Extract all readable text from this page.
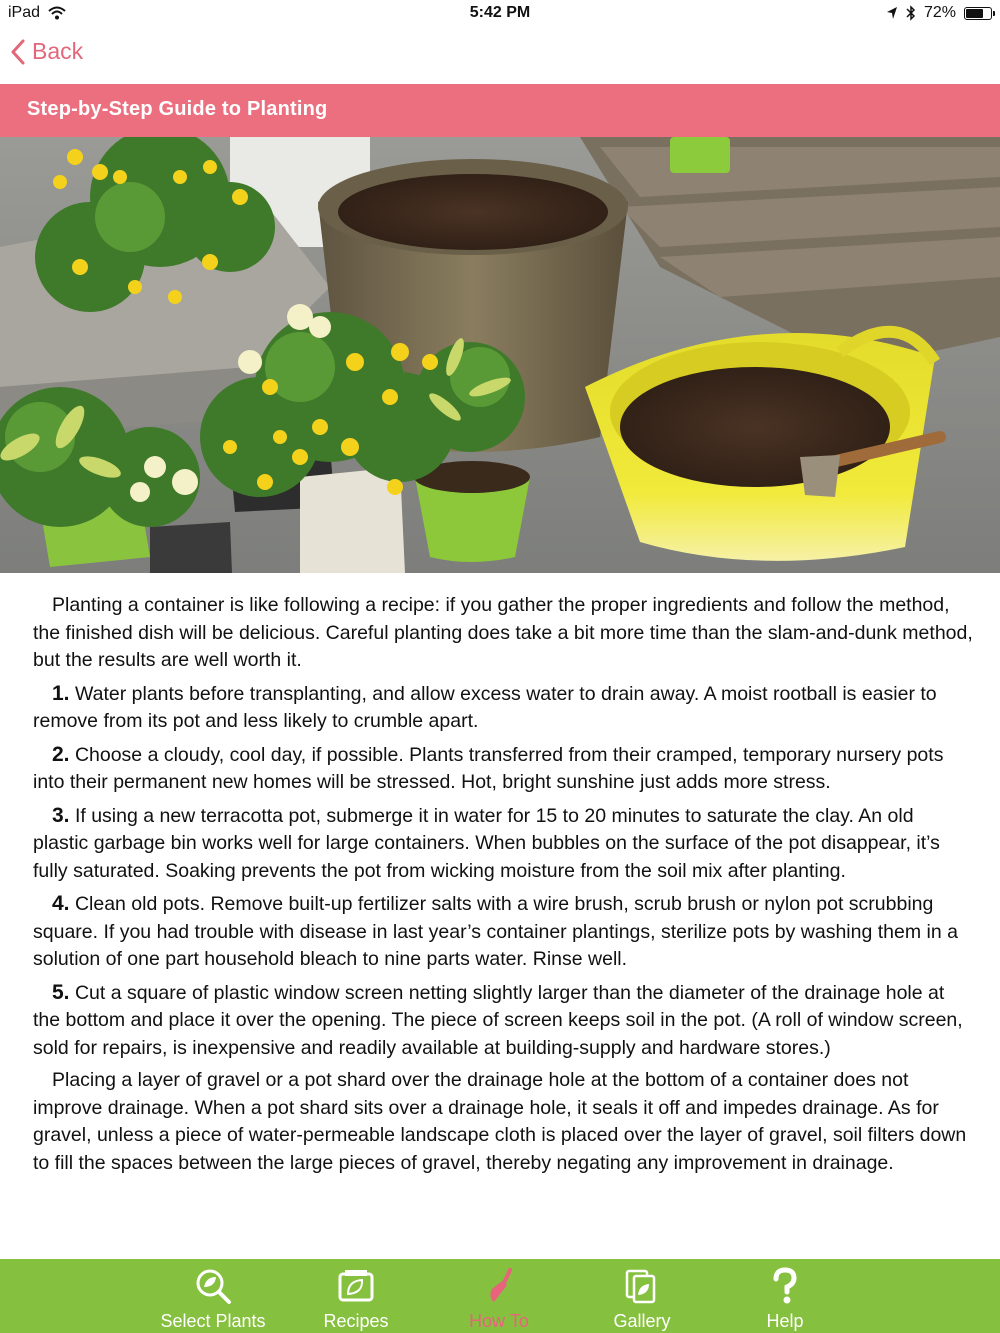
iPad	5:42 PM	72%
Back
Step-by-Step Guide to Planting

Planting a container is like following a recipe: if you gather the proper ingredients and follow the method, the finished dish will be delicious. Careful planting does take a bit more time than the slam-and-dunk method, but the results are well worth it.

1. Water plants before transplanting, and allow excess water to drain away. A moist rootball is easier to remove from its pot and less likely to crumble apart.

2. Choose a cloudy, cool day, if possible. Plants transferred from their cramped, temporary nursery pots into their permanent new homes will be stressed. Hot, bright sunshine just adds more stress.

3. If using a new terracotta pot, submerge it in water for 15 to 20 minutes to saturate the clay. An old plastic garbage bin works well for large containers. When bubbles on the surface of the pot disappear, it’s fully saturated. Soaking prevents the pot from wicking moisture from the soil mix after planting.

4. Clean old pots. Remove built-up fertilizer salts with a wire brush, scrub brush or nylon pot scrubbing square. If you had trouble with disease in last year’s container plantings, sterilize pots by washing them in a solution of one part household bleach to nine parts water. Rinse well.

5. Cut a square of plastic window screen netting slightly larger than the diameter of the drainage hole at the bottom and place it over the opening. The piece of screen keeps soil in the pot. (A roll of window screen, sold for repairs, is inexpensive and readily available at building-supply and hardware stores.)

Placing a layer of gravel or a pot shard over the drainage hole at the bottom of a container does not improve drainage. When a pot shard sits over a drainage hole, it seals it off and impedes drainage. As for gravel, unless a piece of water-permeable landscape cloth is placed over the layer of gravel, soil filters down to fill the spaces between the large pieces of gravel, thereby negating any improvement in drainage.

Select Plants	Recipes	How To	Gallery	Help
